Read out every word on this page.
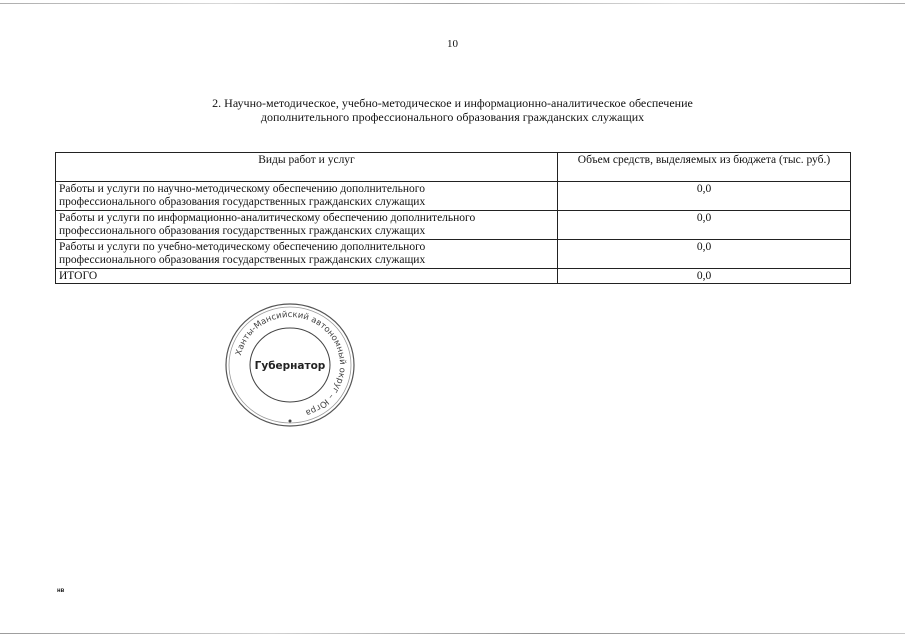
10
2. Научно-методическое, учебно-методическое и информационно-аналитическое обеспечение
дополнительного профессионального образования гражданских служащих
Виды работ и услуг	Объем средств, выделяемых из бюджета (тыс. руб.)

Работы и услуги по научно-методическому обеспечению дополнительного
профессионального образования государственных гражданских служащих	0,0

Работы и услуги по информационно-аналитическому обеспечению дополнительного
профессионального образования государственных гражданских служащих	0,0

Работы и услуги по учебно-методическому обеспечению дополнительного
профессионального образования государственных гражданских служащих	0,0
ИТОГО	0,0
Ханты-Мансийский автономный округ – Югра
Губернатор
нв
